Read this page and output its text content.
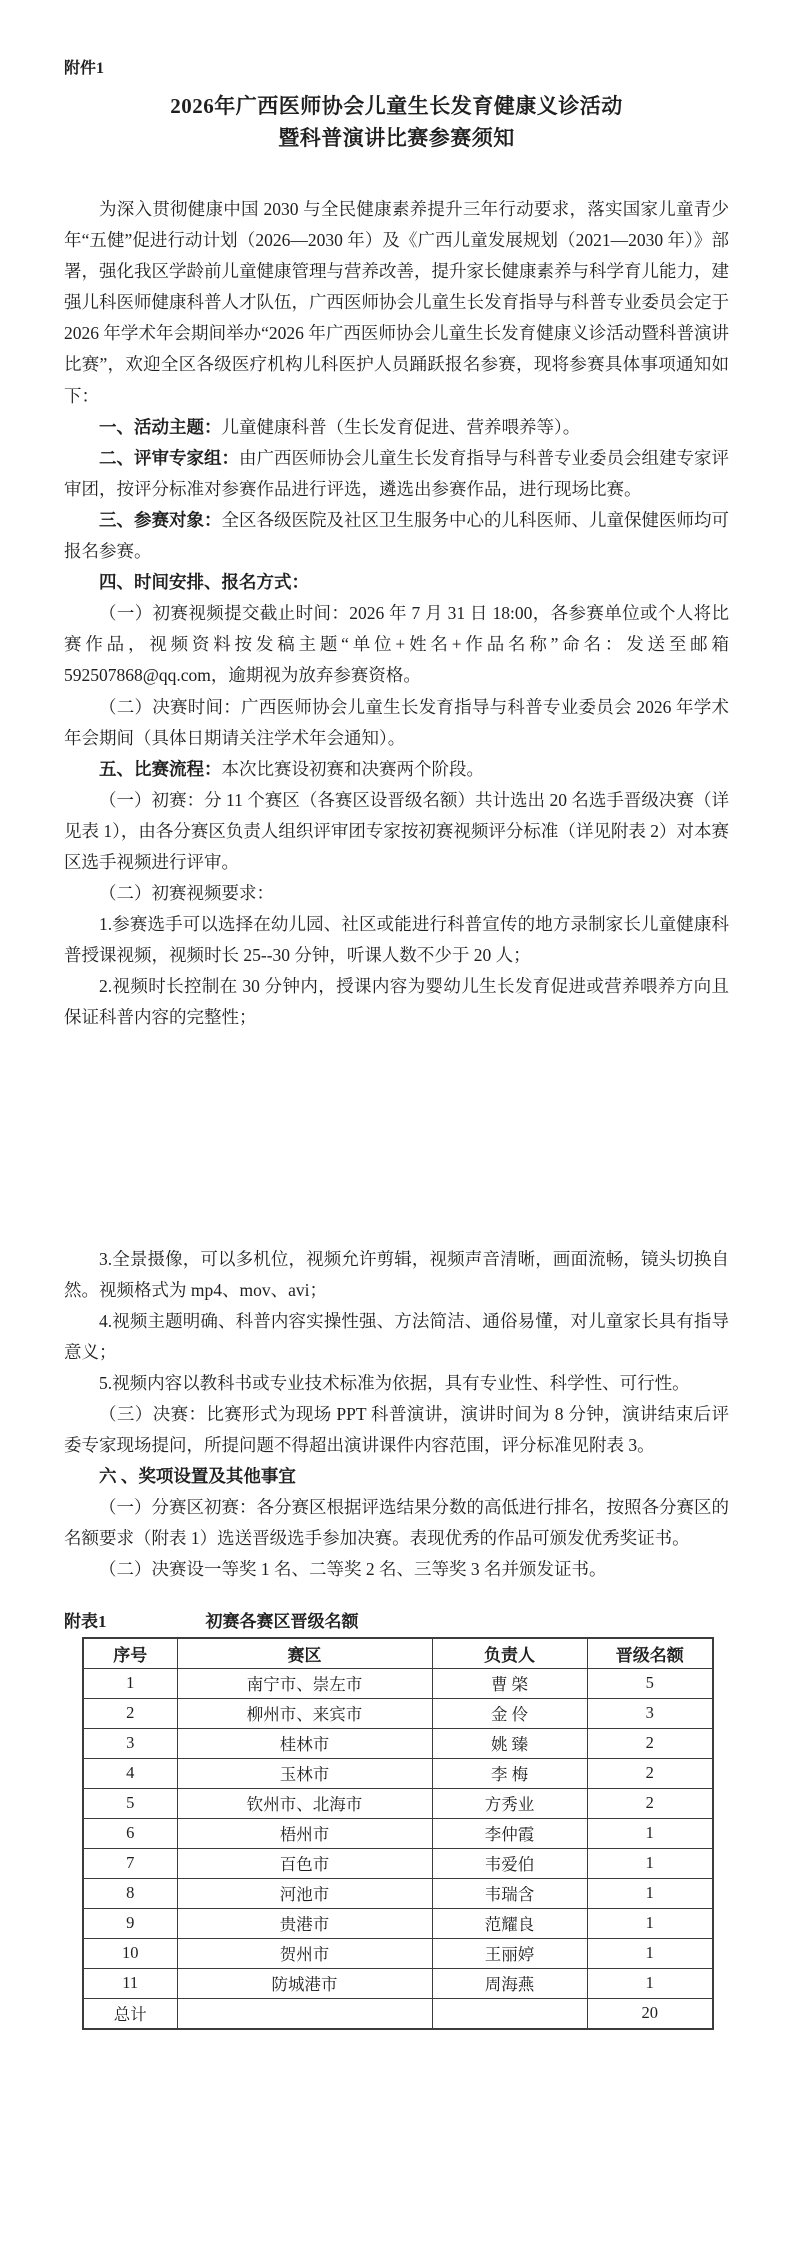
附件1
2026年广西医师协会儿童生长发育健康义诊活动
暨科普演讲比赛参赛须知

为深入贯彻健康中国 2030 与全民健康素养提升三年行动要求，落实国家儿童青少年“五健”促进行动计划（2026—2030 年）及《广西儿童发展规划（2021—2030 年）》部署，强化我区学龄前儿童健康管理与营养改善，提升家长健康素养与科学育儿能力，建强儿科医师健康科普人才队伍，广西医师协会儿童生长发育指导与科普专业委员会定于 2026 年学术年会期间举办“2026 年广西医师协会儿童生长发育健康义诊活动暨科普演讲比赛”，欢迎全区各级医疗机构儿科医护人员踊跃报名参赛，现将参赛具体事项通知如下：

一、活动主题：儿童健康科普（生长发育促进、营养喂养等）。

二、评审专家组：由广西医师协会儿童生长发育指导与科普专业委员会组建专家评审团，按评分标准对参赛作品进行评选，遴选出参赛作品，进行现场比赛。

三、参赛对象：全区各级医院及社区卫生服务中心的儿科医师、儿童保健医师均可报名参赛。

四、时间安排、报名方式：

（一）初赛视频提交截止时间：2026 年 7 月 31 日 18:00，各参赛单位或个人将比赛作品，视频资料按发稿主题“单位+姓名+作品名称”命名：发送至邮箱 592507868@qq.com，逾期视为放弃参赛资格。

（二）决赛时间：广西医师协会儿童生长发育指导与科普专业委员会 2026 年学术年会期间（具体日期请关注学术年会通知）。

五、比赛流程：本次比赛设初赛和决赛两个阶段。

（一）初赛：分 11 个赛区（各赛区设晋级名额）共计选出 20 名选手晋级决赛（详见表 1），由各分赛区负责人组织评审团专家按初赛视频评分标准（详见附表 2）对本赛区选手视频进行评审。

（二）初赛视频要求：

1.参赛选手可以选择在幼儿园、社区或能进行科普宣传的地方录制家长儿童健康科普授课视频，视频时长 25--30 分钟，听课人数不少于 20 人；

2.视频时长控制在 30 分钟内，授课内容为婴幼儿生长发育促进或营养喂养方向且保证科普内容的完整性；

3.全景摄像，可以多机位，视频允许剪辑，视频声音清晰，画面流畅，镜头切换自然。视频格式为 mp4、mov、avi；

4.视频主题明确、科普内容实操性强、方法简洁、通俗易懂，对儿童家长具有指导意义；

5.视频内容以教科书或专业技术标准为依据，具有专业性、科学性、可行性。

（三）决赛：比赛形式为现场 PPT 科普演讲，演讲时间为 8 分钟，演讲结束后评委专家现场提问，所提问题不得超出演讲课件内容范围，评分标准见附表 3。

六 、奖项设置及其他事宜

（一）分赛区初赛：各分赛区根据评选结果分数的高低进行排名，按照各分赛区的名额要求（附表 1）选送晋级选手参加决赛。表现优秀的作品可颁发优秀奖证书。

（二）决赛设一等奖 1 名、二等奖 2 名、三等奖 3 名并颁发证书。

附表1	初赛各赛区晋级名额
序号	赛区	负责人	晋级名额
1	南宁市、崇左市	曹 棨	5
2	柳州市、来宾市	金 伶	3
3	桂林市	姚 臻	2
4	玉林市	李 梅	2
5	钦州市、北海市	方秀业	2
6	梧州市	李仲霞	1
7	百色市	韦爱伯	1
8	河池市	韦瑞含	1
9	贵港市	范耀良	1
10	贺州市	王丽婷	1
11	防城港市	周海燕	1
总计			20
